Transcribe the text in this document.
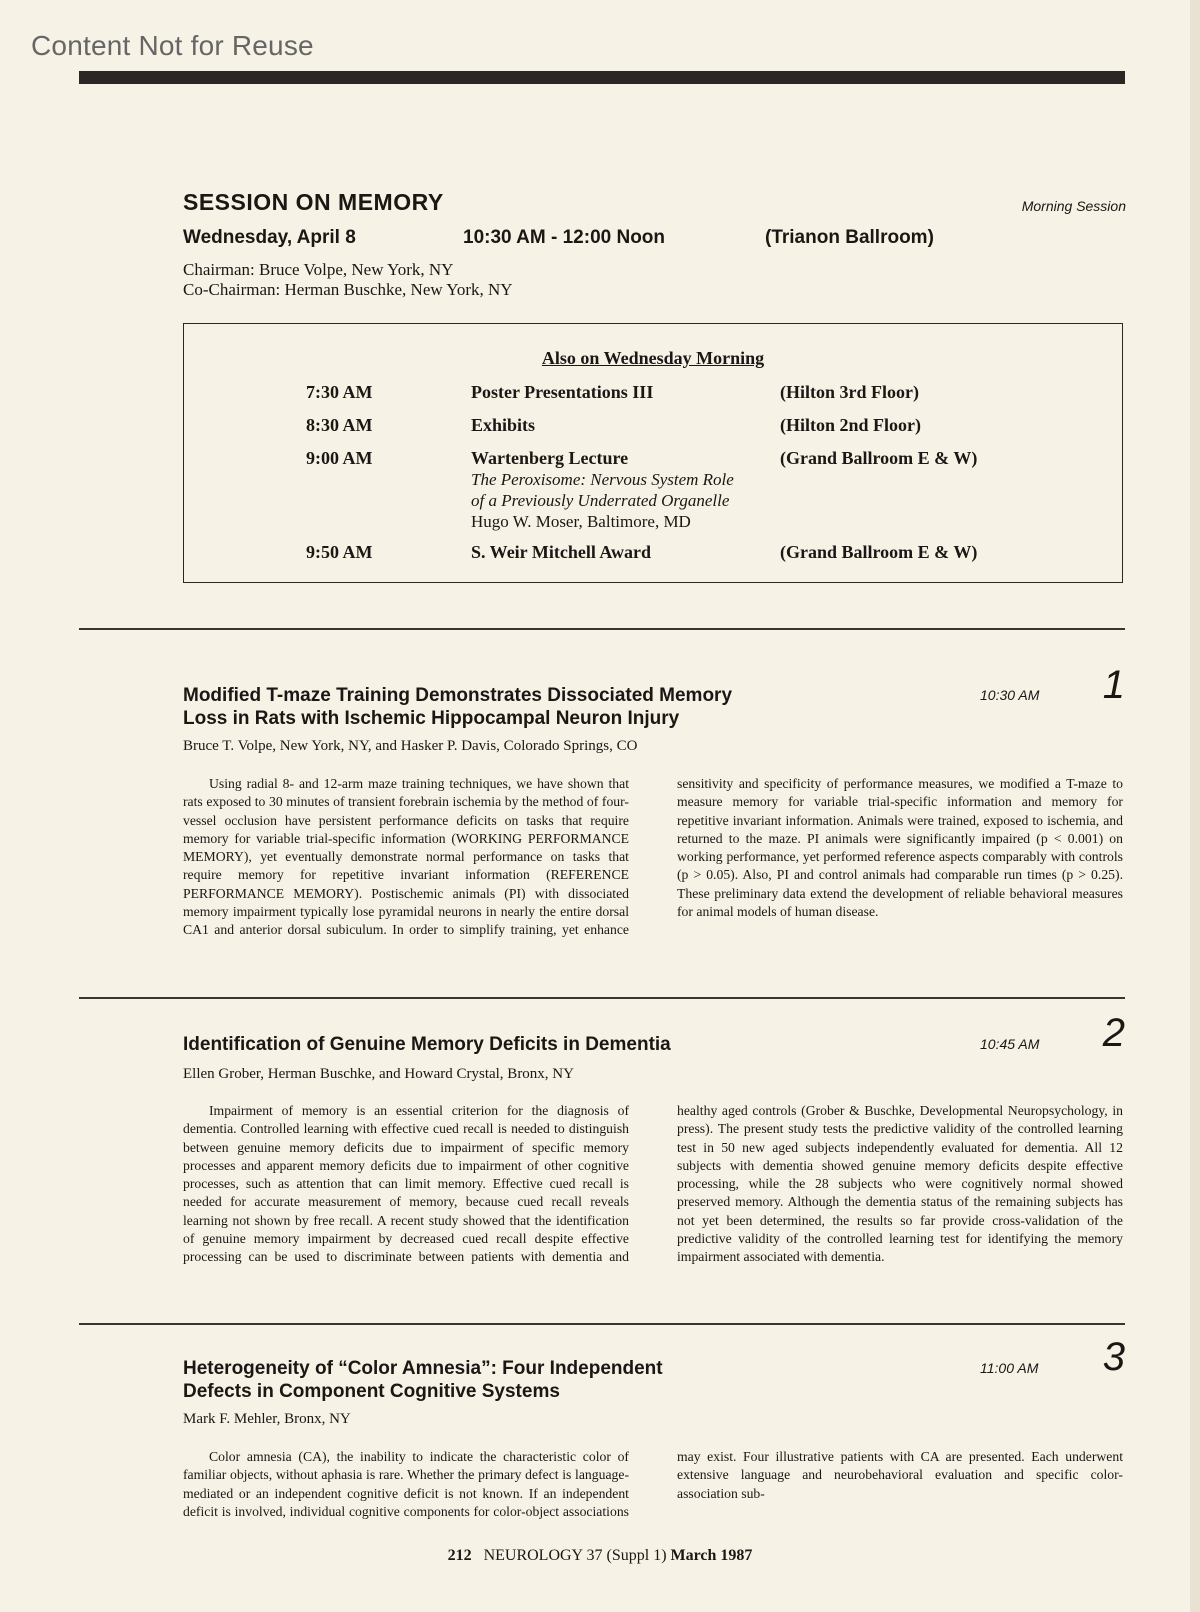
Content Not for Reuse
SESSION ON MEMORY	Morning Session
Wednesday, April 8	10:30 AM - 12:00 Noon	(Trianon Ballroom)
Chairman: Bruce Volpe, New York, NY
Co-Chairman: Herman Buschke, New York, NY
Also on Wednesday Morning
7:30 AM	Poster Presentations III	(Hilton 3rd Floor)
8:30 AM	Exhibits	(Hilton 2nd Floor)
9:00 AM	Wartenberg Lecture	(Grand Ballroom E & W)
The Peroxisome: Nervous System Role
of a Previously Underrated Organelle
Hugo W. Moser, Baltimore, MD
9:50 AM	S. Weir Mitchell Award	(Grand Ballroom E & W)
Modified T-maze Training Demonstrates Dissociated Memory
Loss in Rats with Ischemic Hippocampal Neuron Injury
10:30 AM	1
Bruce T. Volpe, New York, NY, and Hasker P. Davis, Colorado Springs, CO

Using radial 8- and 12-arm maze training techniques, we have shown that rats exposed to 30 minutes of transient forebrain ischemia by the method of four-vessel occlusion have persistent performance deficits on tasks that require memory for variable trial-specific information (WORKING PERFORMANCE MEMORY), yet eventually demonstrate normal performance on tasks that require memory for repetitive invariant information (REFERENCE PERFORMANCE MEMORY). Postischemic animals (PI) with dissociated memory impairment typically lose pyramidal neurons in nearly the entire dorsal CA1 and anterior dorsal subiculum. In order to simplify training, yet enhance sensitivity and specificity of performance measures, we modified a T-maze to measure memory for variable trial-specific information and memory for repetitive invariant information. Animals were trained, exposed to ischemia, and returned to the maze. PI animals were significantly impaired (p < 0.001) on working performance, yet performed reference aspects comparably with controls (p > 0.05). Also, PI and control animals had comparable run times (p > 0.25). These preliminary data extend the development of reliable behavioral measures for animal models of human disease.

Identification of Genuine Memory Deficits in Dementia	10:45 AM	2
Ellen Grober, Herman Buschke, and Howard Crystal, Bronx, NY

Impairment of memory is an essential criterion for the diagnosis of dementia. Controlled learning with effective cued recall is needed to distinguish between genuine memory deficits due to impairment of specific memory processes and apparent memory deficits due to impairment of other cognitive processes, such as attention that can limit memory. Effective cued recall is needed for accurate measurement of memory, because cued recall reveals learning not shown by free recall. A recent study showed that the identification of genuine memory impairment by decreased cued recall despite effective processing can be used to discriminate between patients with dementia and healthy aged controls (Grober & Buschke, Developmental Neuropsychology, in press). The present study tests the predictive validity of the controlled learning test in 50 new aged subjects independently evaluated for dementia. All 12 subjects with dementia showed genuine memory deficits despite effective processing, while the 28 subjects who were cognitively normal showed preserved memory. Although the dementia status of the remaining subjects has not yet been determined, the results so far provide cross-validation of the predictive validity of the controlled learning test for identifying the memory impairment associated with dementia.

Heterogeneity of “Color Amnesia”: Four Independent
Defects in Component Cognitive Systems
11:00 AM	3
Mark F. Mehler, Bronx, NY

Color amnesia (CA), the inability to indicate the characteristic color of familiar objects, without aphasia is rare. Whether the primary defect is language-mediated or an independent cognitive deficit is not known. If an independent deficit is involved, individual cognitive components for color-object associations may exist. Four illustrative patients with CA are presented. Each underwent extensive language and neurobehavioral evaluation and specific color-association sub-

212 NEUROLOGY 37 (Suppl 1) March 1987
